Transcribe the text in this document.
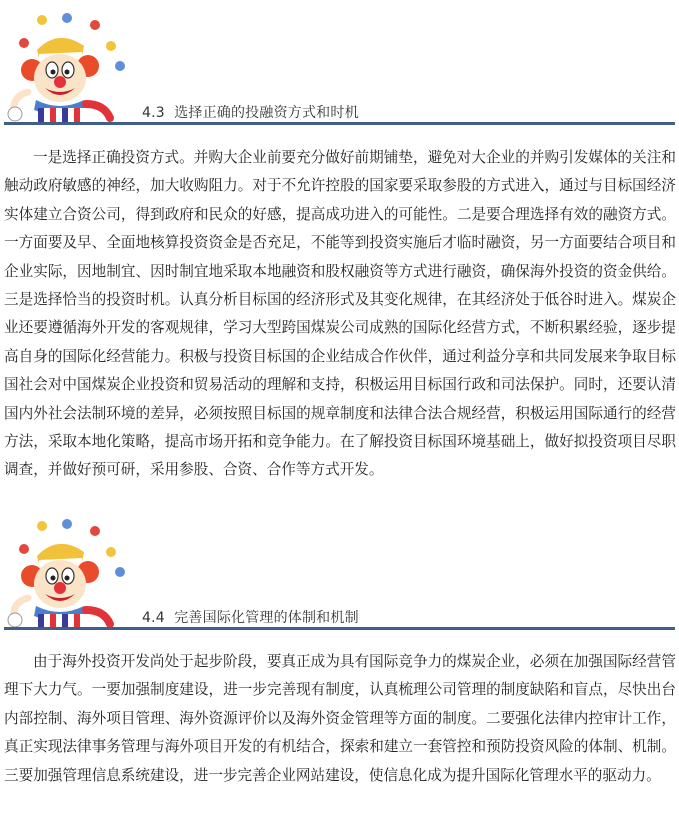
4.3 选择正确的投融资方式和时机

一是选择正确投资方式。并购大企业前要充分做好前期铺垫，避免对大企业的并购引发媒体的关注和触动政府敏感的神经，加大收购阻力。对于不允许控股的国家要采取参股的方式进入，通过与目标国经济实体建立合资公司，得到政府和民众的好感，提高成功进入的可能性。二是要合理选择有效的融资方式。一方面要及早、全面地核算投资资金是否充足，不能等到投资实施后才临时融资，另一方面要结合项目和企业实际，因地制宜、因时制宜地采取本地融资和股权融资等方式进行融资，确保海外投资的资金供给。三是选择恰当的投资时机。认真分析目标国的经济形式及其变化规律，在其经济处于低谷时进入。煤炭企业还要遵循海外开发的客观规律，学习大型跨国煤炭公司成熟的国际化经营方式，不断积累经验，逐步提高自身的国际化经营能力。积极与投资目标国的企业结成合作伙伴，通过利益分享和共同发展来争取目标国社会对中国煤炭企业投资和贸易活动的理解和支持，积极运用目标国行政和司法保护。同时，还要认清国内外社会法制环境的差异，必须按照目标国的规章制度和法律合法合规经营，积极运用国际通行的经营方法，采取本地化策略，提高市场开拓和竞争能力。在了解投资目标国环境基础上，做好拟投资项目尽职调查，并做好预可研，采用参股、合资、合作等方式开发。

4.4 完善国际化管理的体制和机制

由于海外投资开发尚处于起步阶段，要真正成为具有国际竞争力的煤炭企业，必须在加强国际经营管理下大力气。一要加强制度建设，进一步完善现有制度，认真梳理公司管理的制度缺陷和盲点，尽快出台内部控制、海外项目管理、海外资源评价以及海外资金管理等方面的制度。二要强化法律内控审计工作，真正实现法律事务管理与海外项目开发的有机结合，探索和建立一套管控和预防投资风险的体制、机制。三要加强管理信息系统建设，进一步完善企业网站建设，使信息化成为提升国际化管理水平的驱动力。
